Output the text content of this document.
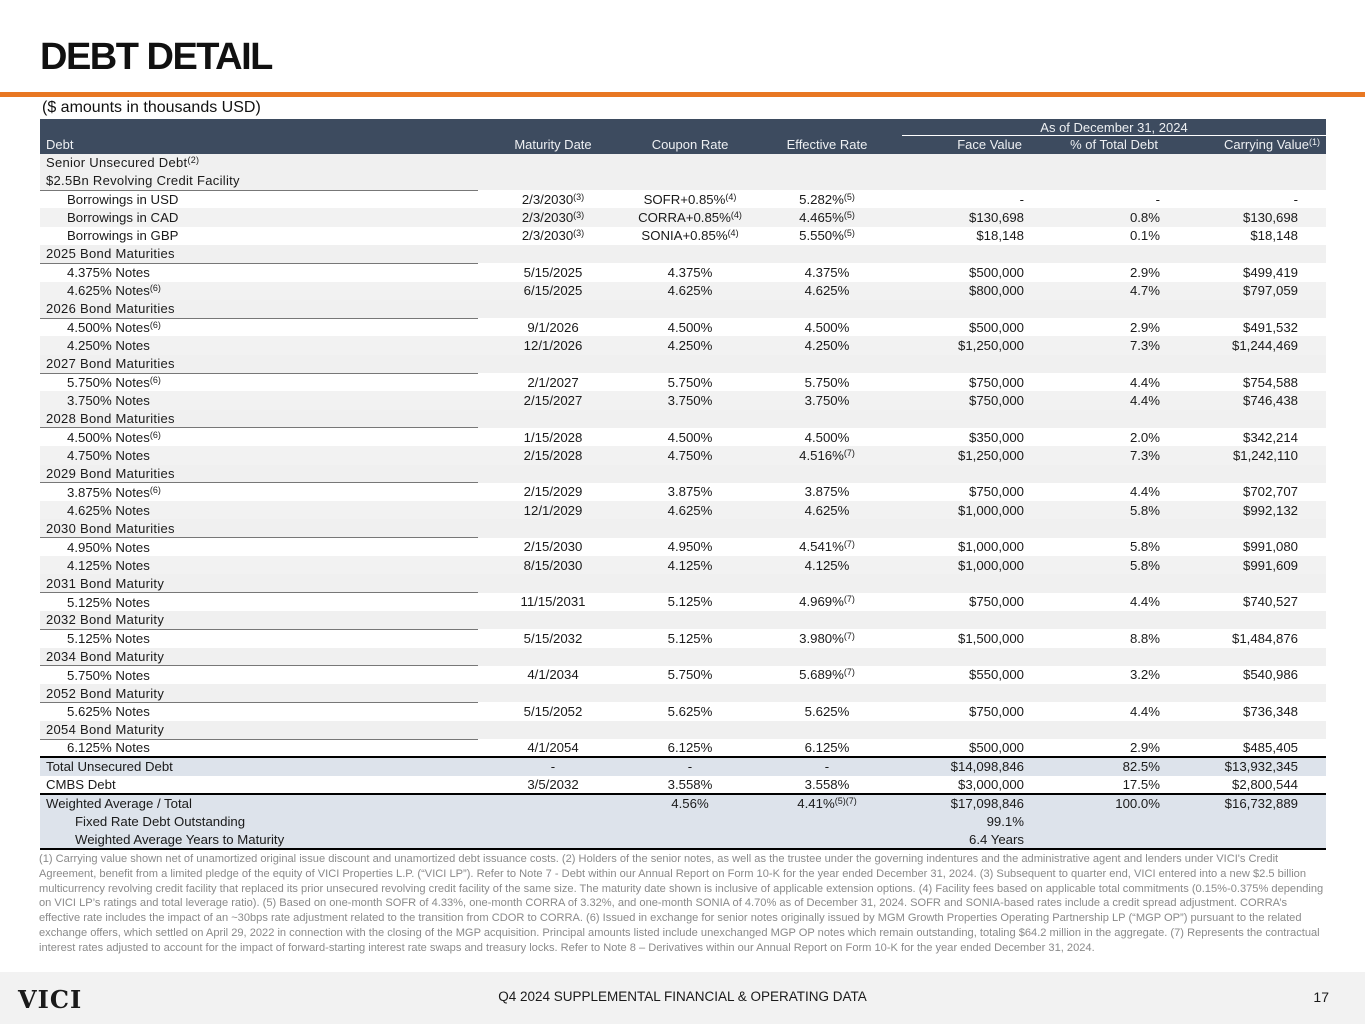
DEBT DETAIL
($ amounts in thousands USD)
				As of December 31, 2024		
Debt	Maturity Date	Coupon Rate	Effective Rate	Face Value	% of Total Debt	Carrying Value$^{(1)}$
Senior Unsecured Debt$^{(2)}$						
$2.5Bn Revolving Credit Facility						
Borrowings in USD	2/3/2030$^{(3)}$	SOFR+0.85%$^{(4)}$	5.282%$^{(5)}$	-	-	-
Borrowings in CAD	2/3/2030$^{(3)}$	CORRA+0.85%$^{(4)}$	4.465%$^{(5)}$	$130,698	0.8%	$130,698
Borrowings in GBP	2/3/2030$^{(3)}$	SONIA+0.85%$^{(4)}$	5.550%$^{(5)}$	$18,148	0.1%	$18,148
2025 Bond Maturities						
4.375% Notes	5/15/2025	4.375%	4.375%	$500,000	2.9%	$499,419
4.625% Notes$^{(6)}$	6/15/2025	4.625%	4.625%	$800,000	4.7%	$797,059
2026 Bond Maturities						
4.500% Notes$^{(6)}$	9/1/2026	4.500%	4.500%	$500,000	2.9%	$491,532
4.250% Notes	12/1/2026	4.250%	4.250%	$1,250,000	7.3%	$1,244,469
2027 Bond Maturities						
5.750% Notes$^{(6)}$	2/1/2027	5.750%	5.750%	$750,000	4.4%	$754,588
3.750% Notes	2/15/2027	3.750%	3.750%	$750,000	4.4%	$746,438
2028 Bond Maturities						
4.500% Notes$^{(6)}$	1/15/2028	4.500%	4.500%	$350,000	2.0%	$342,214
4.750% Notes	2/15/2028	4.750%	4.516%$^{(7)}$	$1,250,000	7.3%	$1,242,110
2029 Bond Maturities						
3.875% Notes$^{(6)}$	2/15/2029	3.875%	3.875%	$750,000	4.4%	$702,707
4.625% Notes	12/1/2029	4.625%	4.625%	$1,000,000	5.8%	$992,132
2030 Bond Maturities						
4.950% Notes	2/15/2030	4.950%	4.541%$^{(7)}$	$1,000,000	5.8%	$991,080
4.125% Notes	8/15/2030	4.125%	4.125%	$1,000,000	5.8%	$991,609
2031 Bond Maturity						
5.125% Notes	11/15/2031	5.125%	4.969%$^{(7)}$	$750,000	4.4%	$740,527
2032 Bond Maturity						
5.125% Notes	5/15/2032	5.125%	3.980%$^{(7)}$	$1,500,000	8.8%	$1,484,876
2034 Bond Maturity						
5.750% Notes	4/1/2034	5.750%	5.689%$^{(7)}$	$550,000	3.2%	$540,986
2052 Bond Maturity						
5.625% Notes	5/15/2052	5.625%	5.625%	$750,000	4.4%	$736,348
2054 Bond Maturity						
6.125% Notes	4/1/2054	6.125%	6.125%	$500,000	2.9%	$485,405
Total Unsecured Debt	-	-	-	$14,098,846	82.5%	$13,932,345
CMBS Debt	3/5/2032	3.558%	3.558%	$3,000,000	17.5%	$2,800,544
Weighted Average / Total		4.56%	4.41%$^{(5)(7)}$	$17,098,846	100.0%	$16,732,889
Fixed Rate Debt Outstanding				99.1%		
Weighted Average Years to Maturity				6.4 Years		
(1) Carrying value shown net of unamortized original issue discount and unamortized debt issuance costs. (2) Holders of the senior notes, as well as the trustee under the governing indentures and the administrative agent and lenders under VICI's Credit Agreement, benefit from a limited pledge of the equity of VICI Properties L.P. (“VICI LP”). Refer to Note 7 - Debt within our Annual Report on Form 10-K for the year ended December 31, 2024. (3) Subsequent to quarter end, VICI entered into a new $2.5 billion multicurrency revolving credit facility that replaced its prior unsecured revolving credit facility of the same size. The maturity date shown is inclusive of applicable extension options. (4) Facility fees based on applicable total commitments (0.15%-0.375% depending on VICI LP’s ratings and total leverage ratio). (5) Based on one-month SOFR of 4.33%, one-month CORRA of 3.32%, and one-month SONIA of 4.70% as of December 31, 2024. SOFR and SONIA-based rates include a credit spread adjustment. CORRA’s effective rate includes the impact of an ~30bps rate adjustment related to the transition from CDOR to CORRA. (6) Issued in exchange for senior notes originally issued by MGM Growth Properties Operating Partnership LP (“MGP OP”) pursuant to the related exchange offers, which settled on April 29, 2022 in connection with the closing of the MGP acquisition. Principal amounts listed include unexchanged MGP OP notes which remain outstanding, totaling $64.2 million in the aggregate. (7) Represents the contractual interest rates adjusted to account for the impact of forward-starting interest rate swaps and treasury locks. Refer to Note 8 – Derivatives within our Annual Report on Form 10-K for the year ended December 31, 2024.
VICI	Q4 2024 SUPPLEMENTAL FINANCIAL & OPERATING DATA	17
